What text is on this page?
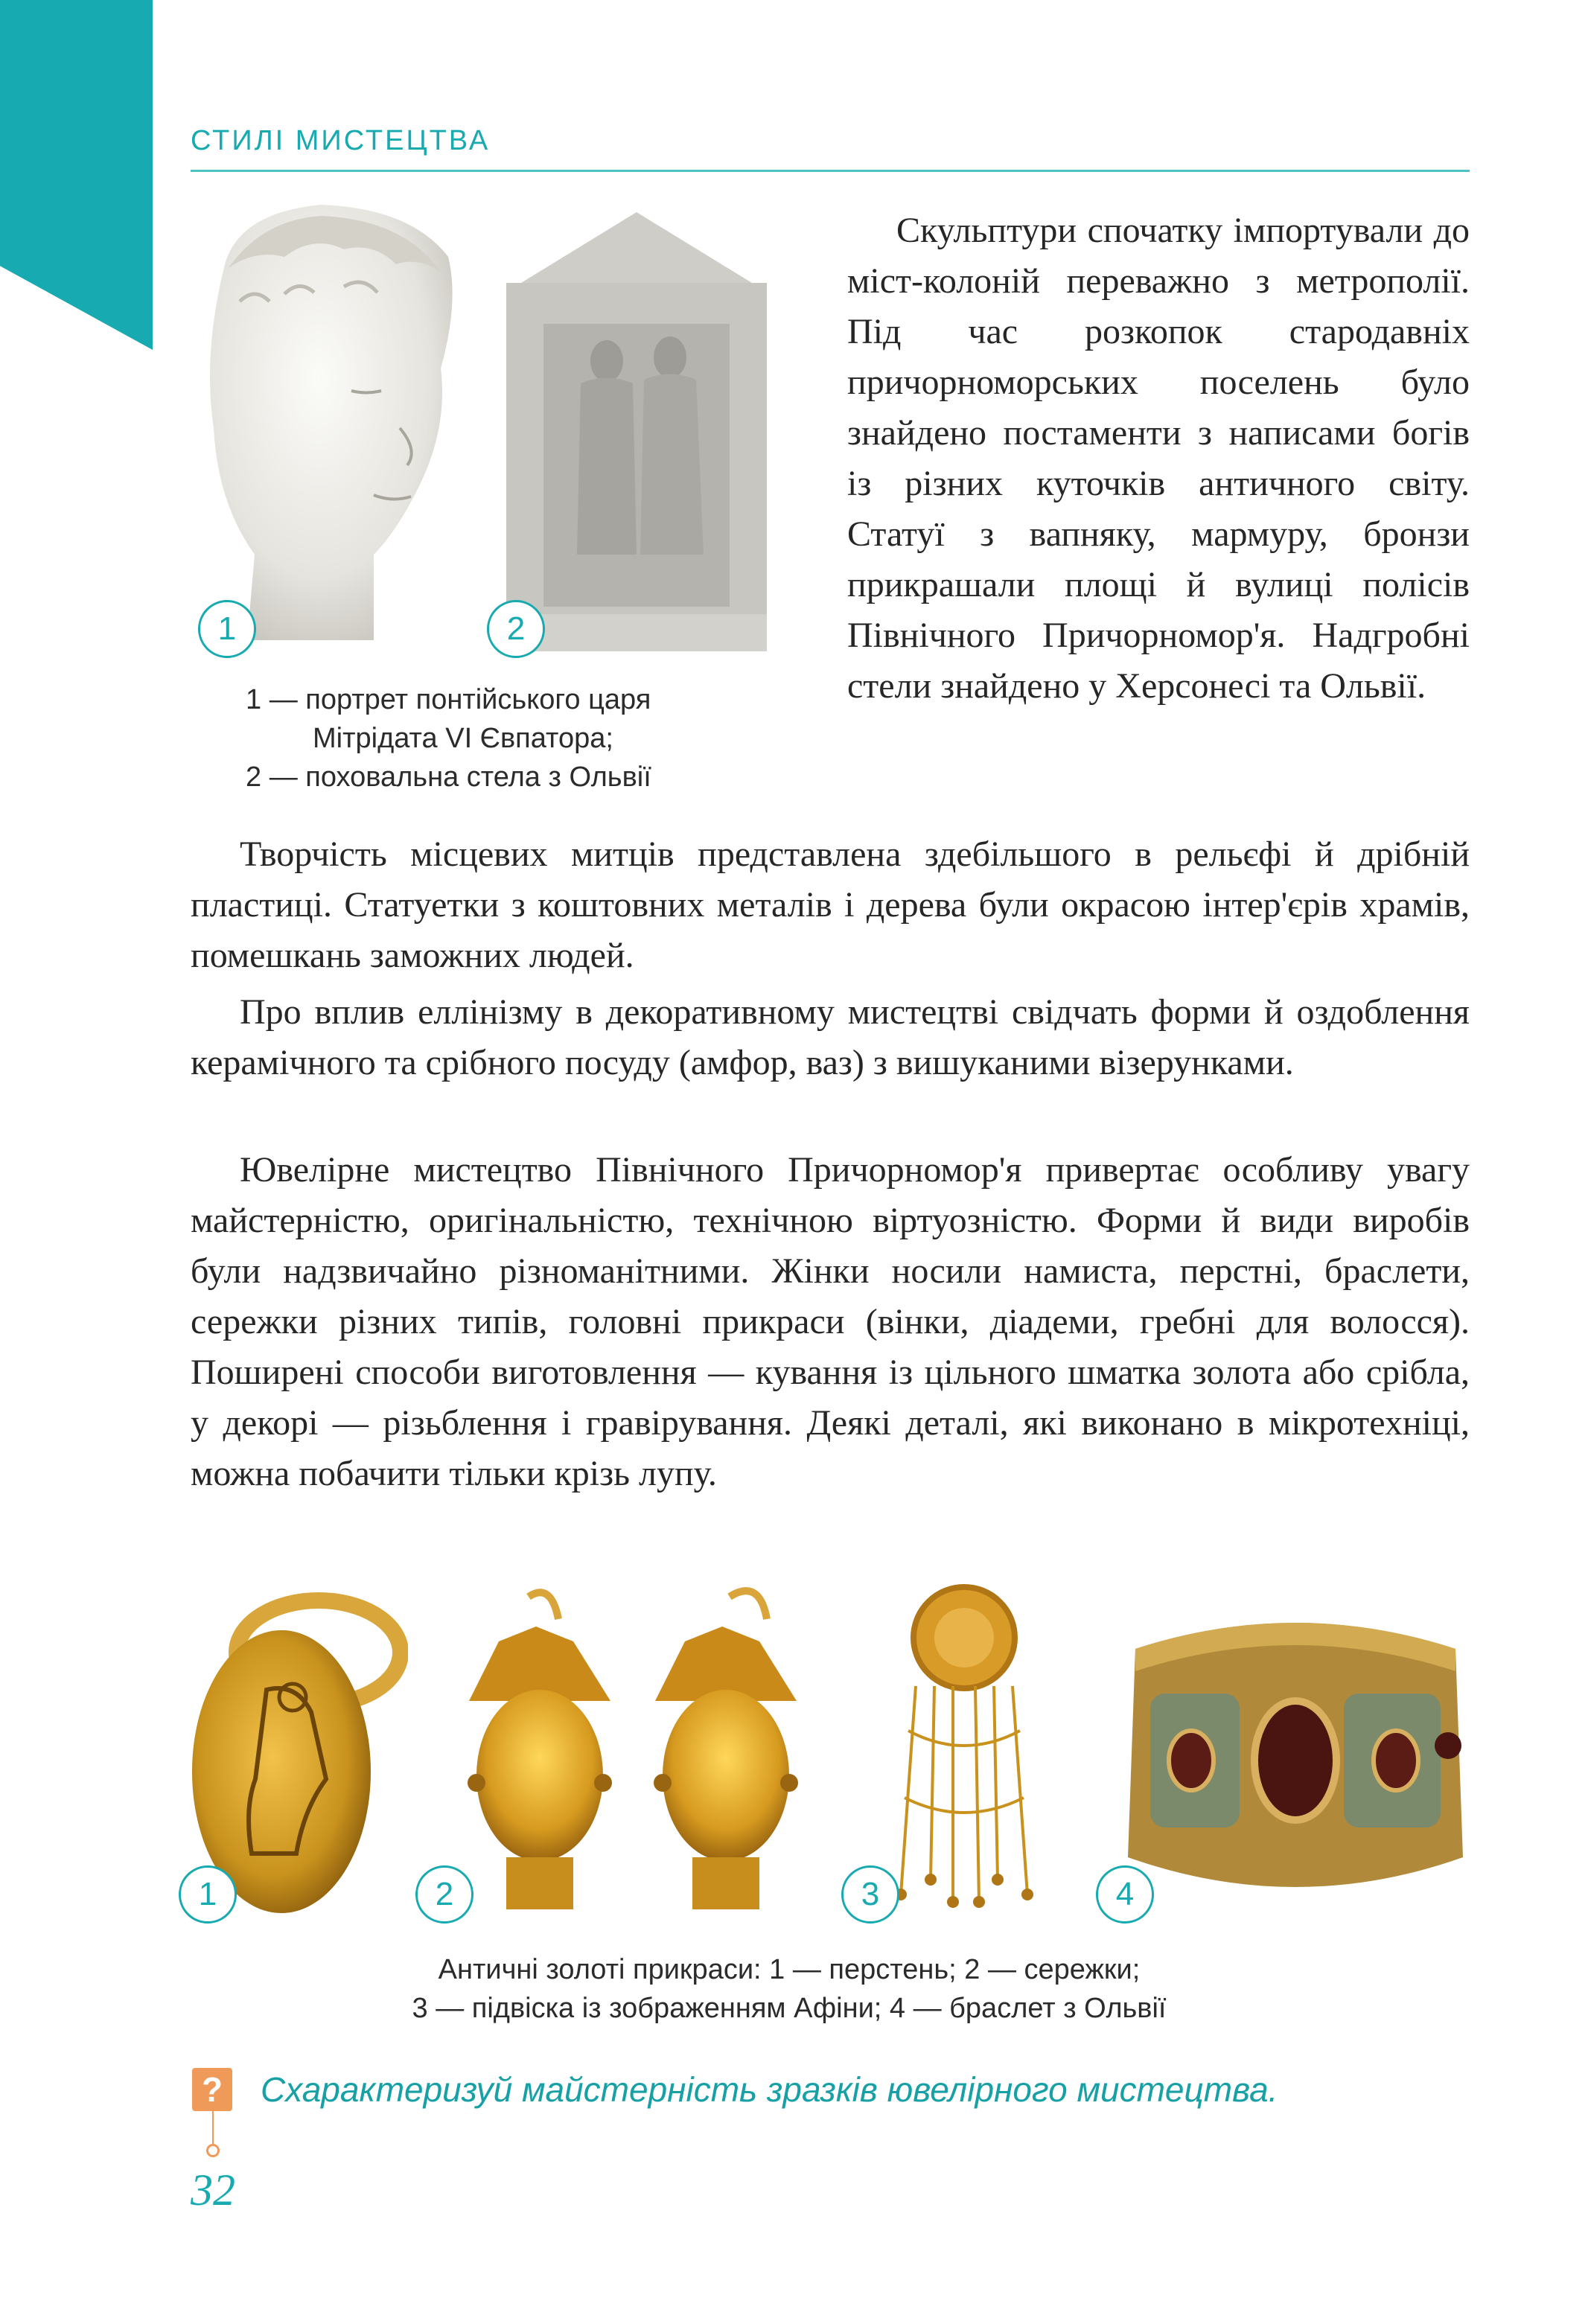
СТИЛІ МИСТЕЦТВА
1	2
1 — портрет понтійського царя
Мітрідата VI Євпатора;
2 — поховальна стела з Ольвії

Скульптури спочатку імпортували до міст-колоній переважно з метрополії. Під час розкопок стародавніх причорноморських поселень було знайдено постаменти з написами богів із різних куточків античного світу. Статуї з вапняку, мармуру, бронзи прикрашали площі й вулиці полісів Північного Причорномор'я. Надгробні стели знайдено у Херсонесі та Ольвії.

Творчість місцевих митців представлена здебільшого в рельєфі й дрібній пластиці. Статуетки з коштовних металів і дерева були окрасою інтер'єрів храмів, помешкань заможних людей.

Про вплив еллінізму в декоративному мистецтві свідчать форми й оздоблення керамічного та срібного посуду (амфор, ваз) з вишуканими візерунками.

Ювелірне мистецтво Північного Причорномор'я привертає особливу увагу майстерністю, оригінальністю, технічною віртуозністю. Форми й види виробів були надзвичайно різноманітними. Жінки носили намиста, перстні, браслети, сережки різних типів, головні прикраси (вінки, діадеми, гребні для волосся). Поширені способи виготовлення — кування із цільного шматка золота або срібла, у декорі — різьблення і гравірування. Деякі деталі, які виконано в мікротехніці, можна побачити тільки крізь лупу.

1	2	3	4
Античні золоті прикраси: 1 — перстень; 2 — сережки;
3 — підвіска із зображенням Афіни; 4 — браслет з Ольвії
? Схарактеризуй майстерність зразків ювелірного мистецтва.
32
